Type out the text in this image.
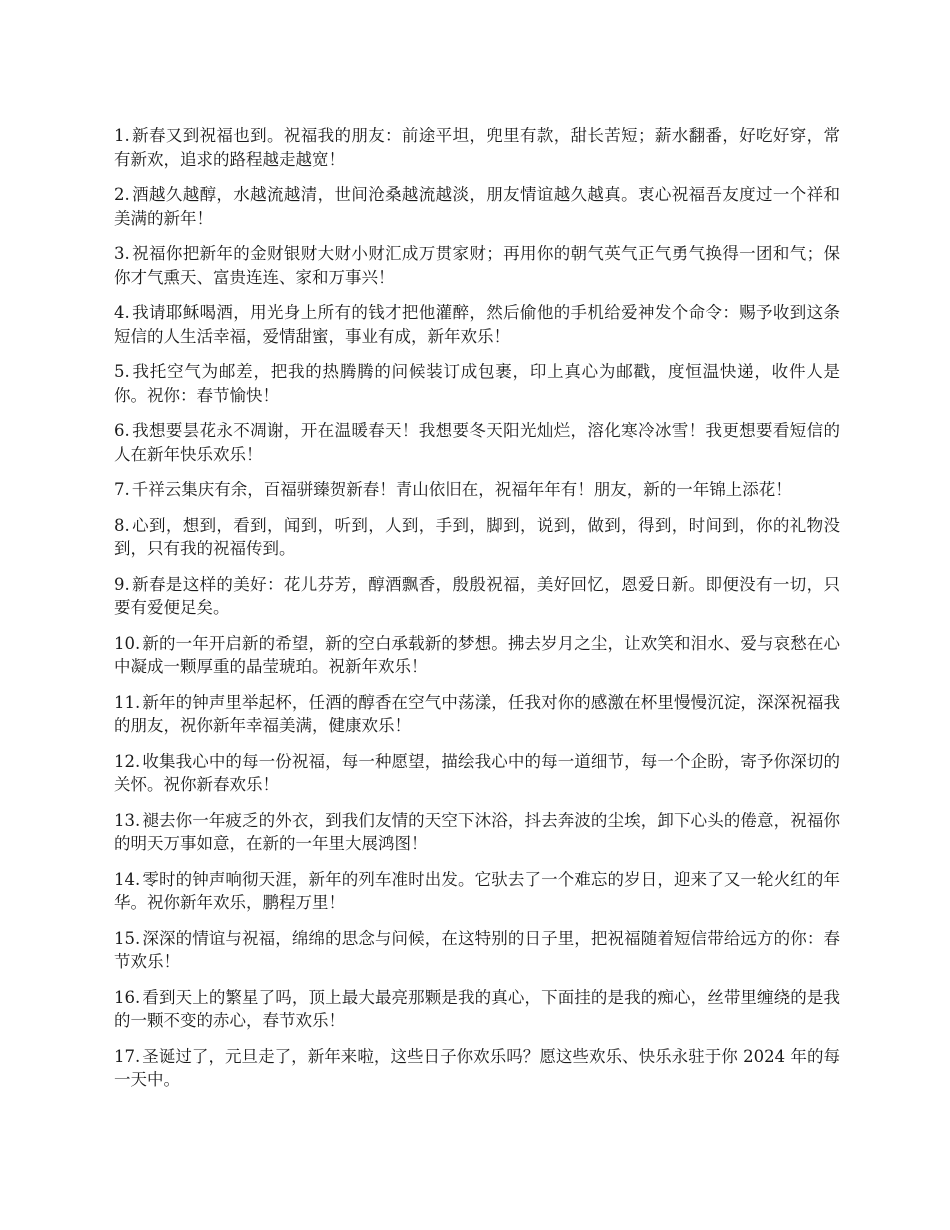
1. 新春又到祝福也到。祝福我的朋友：前途平坦，兜里有款，甜长苦短；薪水翻番，好吃好穿，常有新欢，追求的路程越走越宽！

2. 酒越久越醇，水越流越清，世间沧桑越流越淡，朋友情谊越久越真。衷心祝福吾友度过一个祥和美满的新年！

3. 祝福你把新年的金财银财大财小财汇成万贯家财；再用你的朝气英气正气勇气换得一团和气；保你才气熏天、富贵连连、家和万事兴！

4. 我请耶稣喝酒，用光身上所有的钱才把他灌醉，然后偷他的手机给爱神发个命令：赐予收到这条短信的人生活幸福，爱情甜蜜，事业有成，新年欢乐！

5. 我托空气为邮差，把我的热腾腾的问候装订成包裹，印上真心为邮戳，度恒温快递，收件人是你。祝你：春节愉快！

6. 我想要昙花永不凋谢，开在温暖春天！我想要冬天阳光灿烂，溶化寒冷冰雪！我更想要看短信的人在新年快乐欢乐！

7. 千祥云集庆有余，百福骈臻贺新春！青山依旧在，祝福年年有！朋友，新的一年锦上添花！

8. 心到，想到，看到，闻到，听到，人到，手到，脚到，说到，做到，得到，时间到，你的礼物没到，只有我的祝福传到。

9. 新春是这样的美好：花儿芬芳，醇酒飘香，殷殷祝福，美好回忆，恩爱日新。即便没有一切，只要有爱便足矣。

10. 新的一年开启新的希望，新的空白承载新的梦想。拂去岁月之尘，让欢笑和泪水、爱与哀愁在心中凝成一颗厚重的晶莹琥珀。祝新年欢乐！

11. 新年的钟声里举起杯，任酒的醇香在空气中荡漾，任我对你的感激在杯里慢慢沉淀，深深祝福我的朋友，祝你新年幸福美满，健康欢乐！

12. 收集我心中的每一份祝福，每一种愿望，描绘我心中的每一道细节，每一个企盼，寄予你深切的关怀。祝你新春欢乐！

13. 褪去你一年疲乏的外衣，到我们友情的天空下沐浴，抖去奔波的尘埃，卸下心头的倦意，祝福你的明天万事如意，在新的一年里大展鸿图！

14. 零时的钟声响彻天涯，新年的列车准时出发。它驮去了一个难忘的岁日，迎来了又一轮火红的年华。祝你新年欢乐，鹏程万里！

15. 深深的情谊与祝福，绵绵的思念与问候，在这特别的日子里，把祝福随着短信带给远方的你：春节欢乐！

16. 看到天上的繁星了吗，顶上最大最亮那颗是我的真心，下面挂的是我的痴心，丝带里缠绕的是我的一颗不变的赤心，春节欢乐！

17. 圣诞过了，元旦走了，新年来啦，这些日子你欢乐吗？愿这些欢乐、快乐永驻于你 2024 年的每一天中。
